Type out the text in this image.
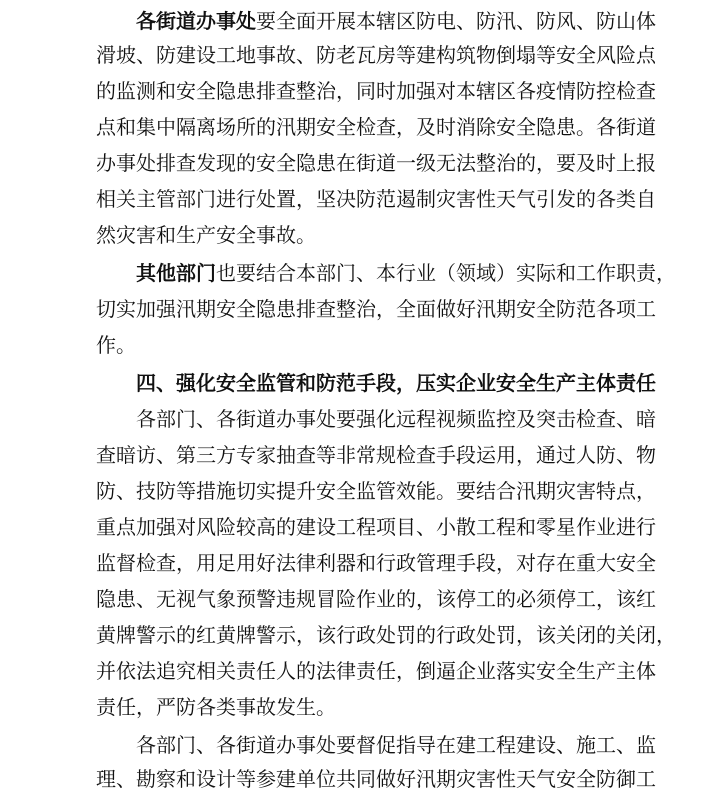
各街道办事处要全面开展本辖区防电、防汛、防风、防山体
滑坡、防建设工地事故、防老瓦房等建构筑物倒塌等安全风险点
的监测和安全隐患排查整治，同时加强对本辖区各疫情防控检查
点和集中隔离场所的汛期安全检查，及时消除安全隐患。各街道
办事处排查发现的安全隐患在街道一级无法整治的，要及时上报
相关主管部门进行处置，坚决防范遏制灾害性天气引发的各类自
然灾害和生产安全事故。
其他部门也要结合本部门、本行业（领域）实际和工作职责，
切实加强汛期安全隐患排查整治，全面做好汛期安全防范各项工
作。
四、强化安全监管和防范手段，压实企业安全生产主体责任
各部门、各街道办事处要强化远程视频监控及突击检查、暗
查暗访、第三方专家抽查等非常规检查手段运用，通过人防、物
防、技防等措施切实提升安全监管效能。要结合汛期灾害特点，
重点加强对风险较高的建设工程项目、小散工程和零星作业进行
监督检查，用足用好法律利器和行政管理手段，对存在重大安全
隐患、无视气象预警违规冒险作业的，该停工的必须停工，该红
黄牌警示的红黄牌警示，该行政处罚的行政处罚，该关闭的关闭，
并依法追究相关责任人的法律责任，倒逼企业落实安全生产主体
责任，严防各类事故发生。
各部门、各街道办事处要督促指导在建工程建设、施工、监
理、勘察和设计等参建单位共同做好汛期灾害性天气安全防御工
